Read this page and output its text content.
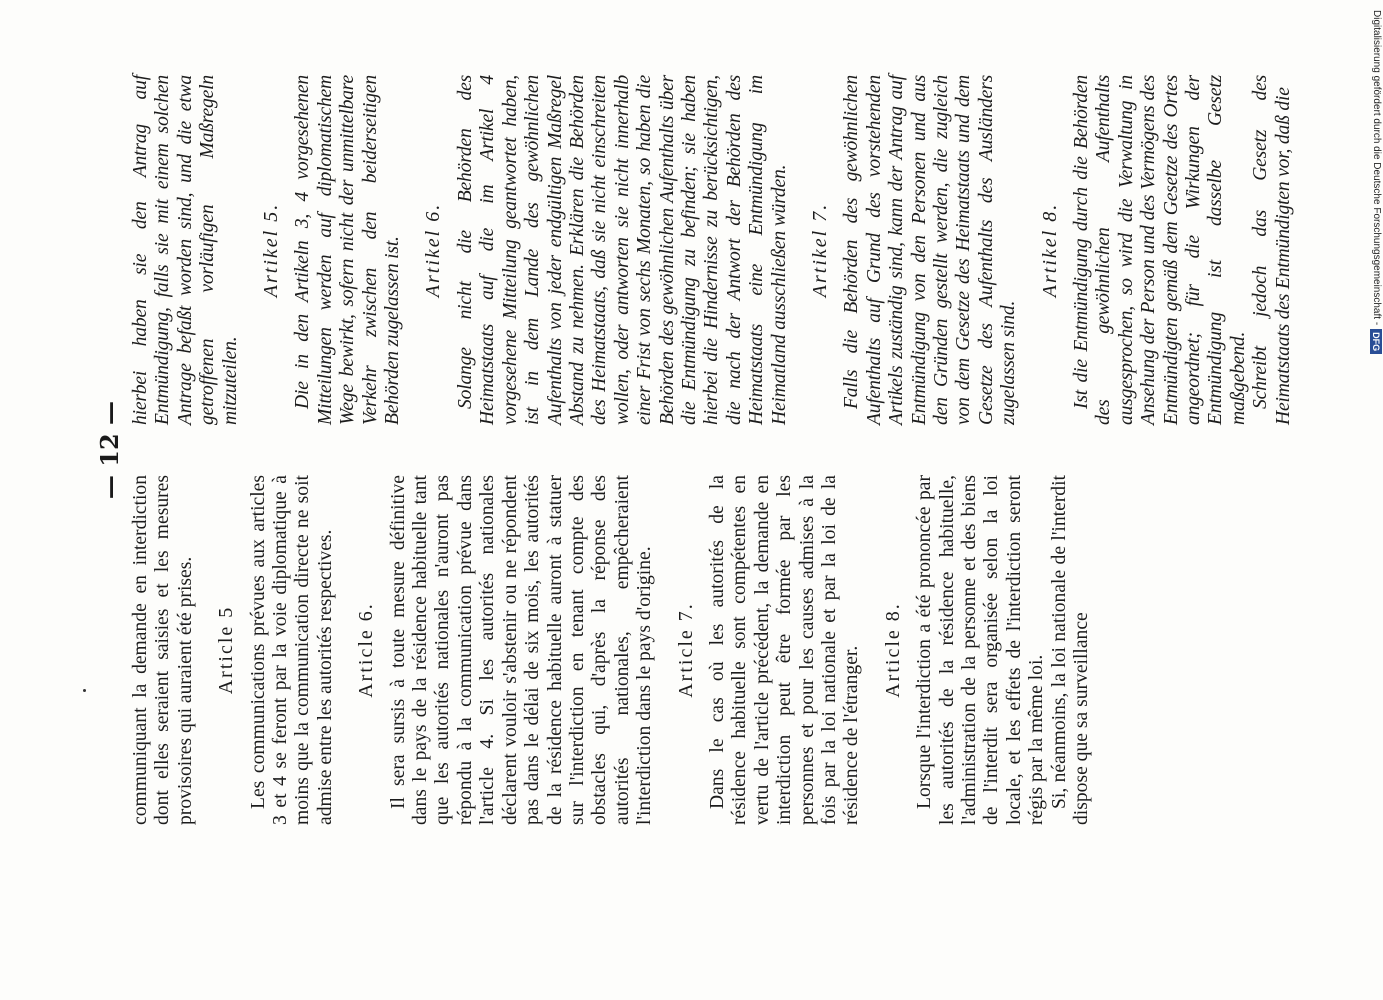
— 12 —

communiquant la demande en interdiction dont elles seraient saisies et les mesures provisoires qui auraient été prises. Article 5 Les communications prévues aux articles 3 et 4 se feront par la voie diplomatique à moins que la communication directe ne soit admise entre les autorités respectives. Article 6. Il sera sursis à toute mesure définitive dans le pays de la résidence habituelle tant que les autorités nationales n'auront pas répondu à la communication prévue dans l'article 4. Si les autorités nationales déclarent vouloir s'abstenir ou ne répondent pas dans le délai de six mois, les autorités de la résidence habituelle auront à statuer sur l'interdiction en tenant compte des obstacles qui, d'après la réponse des autorités nationales, empêcheraient l'interdiction dans le pays d'origine. Article 7. Dans le cas où les autorités de la résidence habituelle sont compétentes en vertu de l'article précédent, la demande en interdiction peut être formée par les personnes et pour les causes admises à la fois par la loi nationale et par la loi de la résidence de l'étranger. Article 8. Lorsque l'interdiction a été prononcée par les autorités de la résidence habituelle, l'administration de la personne et des biens de l'interdit sera organisée selon la loi locale, et les effets de l'interdiction seront régis par la même loi. Si, néanmoins, la loi nationale de l'interdit dispose que sa surveillance

hierbei haben sie den Antrag auf Entmündigung, falls sie mit einem solchen Antrage befaßt worden sind, und die etwa getroffenen vorläufigen Maßregeln mitzuteilen.

Artikel 5. Die in den Artikeln 3, 4 vorgesehenen Mitteilungen werden auf diplomatischem Wege bewirkt, sofern nicht der unmittelbare Verkehr zwischen den beiderseitigen Behörden zugelassen ist. Artikel 6. Solange nicht die Behörden des Heimatstaats auf die im Artikel 4 vorgesehene Mitteilung geantwortet haben, ist in dem Lande des gewöhnlichen Aufenthalts von jeder endgültigen Maßregel Abstand zu nehmen. Erklären die Behörden des Heimatstaats, daß sie nicht einschreiten wollen, oder antworten sie nicht innerhalb einer Frist von sechs Monaten, so haben die Behörden des gewöhnlichen Aufenthalts über die Entmündigung zu befinden; sie haben hierbei die Hindernisse zu berücksichtigen, die nach der Antwort der Behörden des Heimatstaats eine Entmündigung im Heimatland ausschließen würden. Artikel 7. Falls die Behörden des gewöhnlichen Aufenthalts auf Grund des vorstehenden Artikels zuständig sind, kann der Antrag auf Entmündigung von den Personen und aus den Gründen gestellt werden, die zugleich von dem Gesetze des Heimatstaats und dem Gesetze des Aufenthalts des Ausländers zugelassen sind.

Artikel 8. Ist die Entmündigung durch die Behörden des gewöhnlichen Aufenthalts ausgesprochen, so wird die Verwaltung in Ansehung der Person und des Vermögens des Entmündigten gemäß dem Gesetze des Ortes angeordnet; für die Wirkungen der Entmündigung ist dasselbe Gesetz maßgebend. Schreibt jedoch das Gesetz des Heimatstaats des Entmündigten vor, daß die	Digitalisierung gefördert durch die Deutsche Forschungsgemeinschaft -
DFG
